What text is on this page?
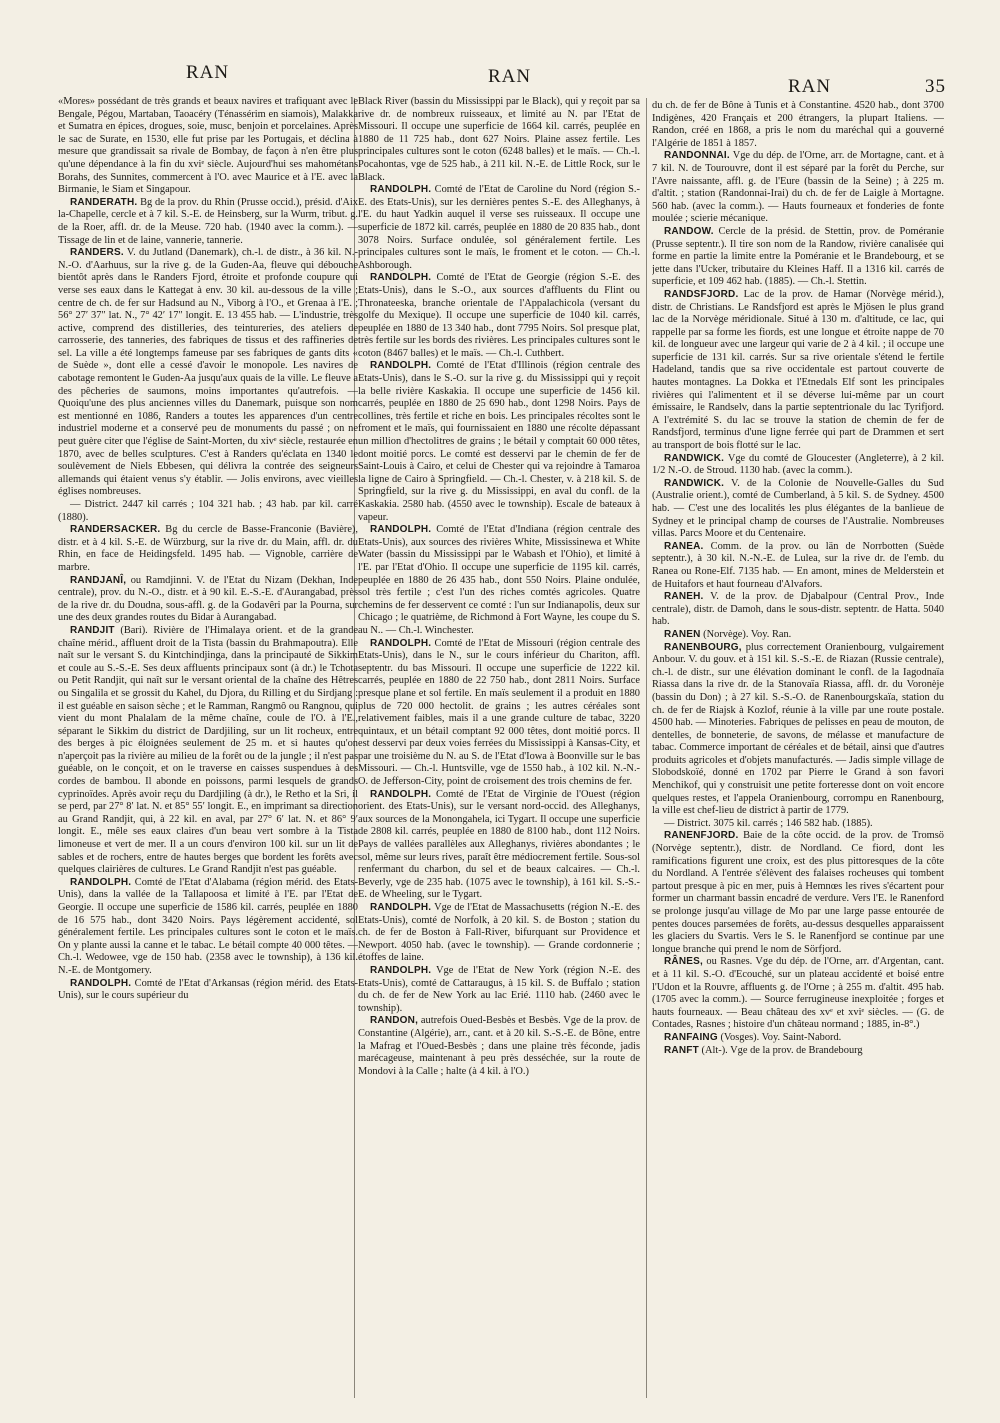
RAN	RAN	RAN	35

«Mores» possédant de très grands et beaux navires et trafiquant avec le Bengale, Pégou, Martaban, Taoacéry (Ténassérim en siamois), Malakka et Sumatra en épices, drogues, soie, musc, benjoin et porcelaines. Après le sac de Surate, en 1530, elle fut prise par les Portugais, et déclina à mesure que grandissait sa rivale de Bombay, de façon à n'en être plus qu'une dépendance à la fin du xviᵉ siècle. Aujourd'hui ses mahométans Borahs, des Sunnites, commercent à l'O. avec Maurice et à l'E. avec la Birmanie, le Siam et Singapour.

RANDERATH. Bg de la prov. du Rhin (Prusse occid.), présid. d'Aix la-Chapelle, cercle et à 7 kil. S.-E. de Heinsberg, sur la Wurm, tribut. g. de la Roer, affl. dr. de la Meuse. 720 hab. (1940 avec la comm.). — Tissage de lin et de laine, vannerie, tannerie.

RANDERS. V. du Jutland (Danemark), ch.-l. de distr., à 36 kil. N.-N.-O. d'Aarhuus, sur la rive g. de la Guden-Aa, fleuve qui débouche bientôt après dans le Randers Fjord, étroite et profonde coupure qui verse ses eaux dans le Kattegat à env. 30 kil. au-dessous de la ville ; centre de ch. de fer sur Hadsund au N., Viborg à l'O., et Grenaa à l'E. ; 56° 27′ 37″ lat. N., 7° 42′ 17″ longit. E. 13 455 hab. — L'industrie, très active, comprend des distilleries, des teintureries, des ateliers de carrosserie, des tanneries, des fabriques de tissus et des raffineries de sel. La ville a été longtemps fameuse par ses fabriques de gants dits « de Suède », dont elle a cessé d'avoir le monopole. Les navires de cabotage remontent le Guden-Aa jusqu'aux quais de la ville. Le fleuve a des pêcheries de saumons, moins importantes qu'autrefois. — Quoiqu'une des plus anciennes villes du Danemark, puisque son nom est mentionné en 1086, Randers a toutes les apparences d'un centre industriel moderne et a conservé peu de monuments du passé ; on ne peut guère citer que l'église de Saint-Morten, du xivᵉ siècle, restaurée en 1870, avec de belles sculptures. C'est à Randers qu'éclata en 1340 le soulèvement de Niels Ebbesen, qui délivra la contrée des seigneurs allemands qui étaient venus s'y établir. — Jolis environs, avec vieilles églises nombreuses.

— District. 2447 kil carrés ; 104 321 hab. ; 43 hab. par kil. carré (1880).

RANDERSACKER. Bg du cercle de Basse-Franconie (Bavière), distr. et à 4 kil. S.-E. de Würzburg, sur la rive dr. du Main, affl. dr. du Rhin, en face de Heidingsfeld. 1495 hab. — Vignoble, carrière de marbre.

RANDJANÎ, ou Ramdjinni. V. de l'Etat du Nizam (Dekhan, Inde centrale), prov. du N.-O., distr. et à 90 kil. E.-S.-E. d'Aurangabad, près de la rive dr. du Doudna, sous-affl. g. de la Godavêri par la Pourna, sur une des deux grandes routes du Bidar à Aurangabad.

RANDJIT (Bari). Rivière de l'Himalaya orient. et de la grande chaîne mérid., affluent droit de la Tista (bassin du Brahmapoutra). Elle naît sur le versant S. du Kintchindjinga, dans la principauté de Sikkim et coule au S.-S.-E. Ses deux affluents principaux sont (à dr.) le Tchota ou Petit Randjit, qui naît sur le versant oriental de la chaîne des Hêtres ou Singalila et se grossit du Kahel, du Djora, du Rilling et du Sirdjang : il est guéable en saison sèche ; et le Ramman, Rangmô ou Rangnou, qui vient du mont Phalalam de la même chaîne, coule de l'O. à l'E., séparant le Sikkim du district de Dardjiling, sur un lit rocheux, entre des berges à pic éloignées seulement de 25 m. et si hautes qu'on n'aperçoit pas la rivière au milieu de la forêt ou de la jungle ; il n'est pas guéable, on le conçoit, et on le traverse en caisses suspendues à des cordes de bambou. Il abonde en poissons, parmi lesquels de grands cyprinoïdes. Après avoir reçu du Dardjiling (à dr.), le Retho et la Sri, il se perd, par 27° 8′ lat. N. et 85° 55′ longit. E., en imprimant sa direction au Grand Randjit, qui, à 22 kil. en aval, par 27° 6′ lat. N. et 86° 9′ longit. E., mêle ses eaux claires d'un beau vert sombre à la Tista limoneuse et vert de mer. Il a un cours d'environ 100 kil. sur un lit de sables et de rochers, entre de hautes berges que bordent les forêts avec quelques clairières de cultures. Le Grand Randjit n'est pas guéable.

RANDOLPH. Comté de l'Etat d'Alabama (région mérid. des Etats-Unis), dans la vallée de la Tallapoosa et limité à l'E. par l'Etat de Georgie. Il occupe une superficie de 1586 kil. carrés, peuplée en 1880 de 16 575 hab., dont 3420 Noirs. Pays légèrement accidenté, sol généralement fertile. Les principales cultures sont le coton et le maïs. On y plante aussi la canne et le tabac. Le bétail compte 40 000 têtes. — Ch.-l. Wedowee, vge de 150 hab. (2358 avec le township), à 136 kil. N.-E. de Montgomery.

RANDOLPH. Comté de l'Etat d'Arkansas (région mérid. des Etats-Unis), sur le cours supérieur du

Black River (bassin du Mississippi par le Black), qui y reçoit par sa rive dr. de nombreux ruisseaux, et limité au N. par l'Etat de Missouri. Il occupe une superficie de 1664 kil. carrés, peuplée en 1880 de 11 725 hab., dont 627 Noirs. Plaine assez fertile. Les principales cultures sont le coton (6248 balles) et le maïs. — Ch.-l. Pocahontas, vge de 525 hab., à 211 kil. N.-E. de Little Rock, sur le Black.

RANDOLPH. Comté de l'Etat de Caroline du Nord (région S.-E. des Etats-Unis), sur les dernières pentes S.-E. des Alleghanys, à l'E. du haut Yadkin auquel il verse ses ruisseaux. Il occupe une superficie de 1872 kil. carrés, peuplée en 1880 de 20 835 hab., dont 3078 Noirs. Surface ondulée, sol généralement fertile. Les principales cultures sont le maïs, le froment et le coton. — Ch.-l. Ashborough.

RANDOLPH. Comté de l'Etat de Georgie (région S.-E. des Etats-Unis), dans le S.-O., aux sources d'affluents du Flint ou Thronateeska, branche orientale de l'Appalachicola (versant du golfe du Mexique). Il occupe une superficie de 1040 kil. carrés, peuplée en 1880 de 13 340 hab., dont 7795 Noirs. Sol presque plat, très fertile sur les bords des rivières. Les principales cultures sont le coton (8467 balles) et le maïs. — Ch.-l. Cuthbert.

RANDOLPH. Comté de l'Etat d'Illinois (région centrale des Etats-Unis), dans le S.-O. sur la rive g. du Mississippi qui y reçoit la belle rivière Kaskakia. Il occupe une superficie de 1456 kil. carrés, peuplée en 1880 de 25 690 hab., dont 1298 Noirs. Pays de collines, très fertile et riche en bois. Les principales récoltes sont le froment et le maïs, qui fournissaient en 1880 une récolte dépassant un million d'hectolitres de grains ; le bétail y comptait 60 000 têtes, dont moitié porcs. Le comté est desservi par le chemin de fer de Saint-Louis à Cairo, et celui de Chester qui va rejoindre à Tamaroa la ligne de Cairo à Springfield. — Ch.-l. Chester, v. à 218 kil. S. de Springfield, sur la rive g. du Mississippi, en aval du confl. de la Kaskakia. 2580 hab. (4550 avec le township). Escale de bateaux à vapeur.

RANDOLPH. Comté de l'Etat d'Indiana (région centrale des Etats-Unis), aux sources des rivières White, Mississinewa et White Water (bassin du Mississippi par le Wabash et l'Ohio), et limité à l'E. par l'Etat d'Ohio. Il occupe une superficie de 1195 kil. carrés, peuplée en 1880 de 26 435 hab., dont 550 Noirs. Plaine ondulée, sol très fertile ; c'est l'un des riches comtés agricoles. Quatre chemins de fer desservent ce comté : l'un sur Indianapolis, deux sur Chicago ; le quatrième, de Richmond à Fort Wayne, les coupe du S. au N.. — Ch.-l. Winchester.

RANDOLPH. Comté de l'Etat de Missouri (région centrale des Etats-Unis), dans le N., sur le cours inférieur du Chariton, affl. septentr. du bas Missouri. Il occupe une superficie de 1222 kil. carrés, peuplée en 1880 de 22 750 hab., dont 2811 Noirs. Surface presque plane et sol fertile. En maïs seulement il a produit en 1880 plus de 720 000 hectolit. de grains ; les autres céréales sont relativement faibles, mais il a une grande culture de tabac, 3220 quintaux, et un bétail comptant 92 000 têtes, dont moitié porcs. Il est desservi par deux voies ferrées du Mississippi à Kansas-City, et par une troisième du N. au S. de l'Etat d'Iowa à Boonville sur le bas Missouri. — Ch.-l. Huntsville, vge de 1550 hab., à 102 kil. N.-N.-O. de Jefferson-City, point de croisement des trois chemins de fer.

RANDOLPH. Comté de l'Etat de Virginie de l'Ouest (région orient. des Etats-Unis), sur le versant nord-occid. des Alleghanys, aux sources de la Monongahela, ici Tygart. Il occupe une superficie de 2808 kil. carrés, peuplée en 1880 de 8100 hab., dont 112 Noirs. Pays de vallées parallèles aux Alleghanys, rivières abondantes ; le sol, même sur leurs rives, paraît être médiocrement fertile. Sous-sol renfermant du charbon, du sel et de beaux calcaires. — Ch.-l. Beverly, vge de 235 hab. (1075 avec le township), à 161 kil. S.-S.-E. de Wheeling, sur le Tygart.

RANDOLPH. Vge de l'Etat de Massachusetts (région N.-E. des Etats-Unis), comté de Norfolk, à 20 kil. S. de Boston ; station du ch. de fer de Boston à Fall-River, bifurquant sur Providence et Newport. 4050 hab. (avec le township). — Grande cordonnerie ; étoffes de laine.

RANDOLPH. Vge de l'Etat de New York (région N.-E. des Etats-Unis), comté de Cattaraugus, à 15 kil. S. de Buffalo ; station du ch. de fer de New York au lac Erié. 1110 hab. (2460 avec le township).

RANDON, autrefois Oued-Besbès et Besbès. Vge de la prov. de Constantine (Algérie), arr., cant. et à 20 kil. S.-S.-E. de Bône, entre la Mafrag et l'Oued-Besbès ; dans une plaine très féconde, jadis marécageuse, maintenant à peu près desséchée, sur la route de Mondovi à la Calle ; halte (à 4 kil. à l'O.)

du ch. de fer de Bône à Tunis et à Constantine. 4520 hab., dont 3700 Indigènes, 420 Français et 200 étrangers, la plupart Italiens. — Randon, créé en 1868, a pris le nom du maréchal qui a gouverné l'Algérie de 1851 à 1857.

RANDONNAI. Vge du dép. de l'Orne, arr. de Mortagne, cant. et à 7 kil. N. de Tourouvre, dont il est séparé par la forêt du Perche, sur l'Avre naissante, affl. g. de l'Eure (bassin de la Seine) ; à 225 m. d'altit. ; station (Randonnai-Irai) du ch. de fer de Laigle à Mortagne. 560 hab. (avec la comm.). — Hauts fourneaux et fonderies de fonte moulée ; scierie mécanique.

RANDOW. Cercle de la présid. de Stettin, prov. de Poméranie (Prusse septentr.). Il tire son nom de la Randow, rivière canalisée qui forme en partie la limite entre la Poméranie et le Brandebourg, et se jette dans l'Ucker, tributaire du Kleines Haff. Il a 1316 kil. carrés de superficie, et 109 462 hab. (1885). — Ch.-l. Stettin.

RANDSFJORD. Lac de la prov. de Hamar (Norvège mérid.), distr. de Christians. Le Randsfjord est après le Mjösen le plus grand lac de la Norvège méridionale. Situé à 130 m. d'altitude, ce lac, qui rappelle par sa forme les fiords, est une longue et étroite nappe de 70 kil. de longueur avec une largeur qui varie de 2 à 4 kil. ; il occupe une superficie de 131 kil. carrés. Sur sa rive orientale s'étend le fertile Hadeland, tandis que sa rive occidentale est partout couverte de hautes montagnes. La Dokka et l'Etnedals Elf sont les principales rivières qui l'alimentent et il se déverse lui-même par un court émissaire, le Randselv, dans la partie septentrionale du lac Tyrifjord. A l'extrémité S. du lac se trouve la station de chemin de fer de Randsfjord, terminus d'une ligne ferrée qui part de Drammen et sert au transport de bois flotté sur le lac.

RANDWICK. Vge du comté de Gloucester (Angleterre), à 2 kil. 1/2 N.-O. de Stroud. 1130 hab. (avec la comm.).

RANDWICK. V. de la Colonie de Nouvelle-Galles du Sud (Australie orient.), comté de Cumberland, à 5 kil. S. de Sydney. 4500 hab. — C'est une des localités les plus élégantes de la banlieue de Sydney et le principal champ de courses de l'Australie. Nombreuses villas. Parcs Moore et du Centenaire.

RANEA. Comm. de la prov. ou län de Norrbotten (Suède septentr.), à 30 kil. N.-N.-E. de Lulea, sur la rive dr. de l'emb. du Ranea ou Rone-Elf. 7135 hab. — En amont, mines de Melderstein et de Huitafors et haut fourneau d'Alvafors.

RANEH. V. de la prov. de Djabalpour (Central Prov., Inde centrale), distr. de Damoh, dans le sous-distr. septentr. de Hatta. 5040 hab.

RANEN (Norvège). Voy. Ran.

RANENBOURG, plus correctement Oranienbourg, vulgairement Anbour. V. du gouv. et à 151 kil. S.-S.-E. de Riazan (Russie centrale), ch.-l. de distr., sur une élévation dominant le confl. de la Iagodnaïa Riassa dans la rive dr. de la Stanovaïa Riassa, affl. dr. du Voronèje (bassin du Don) ; à 27 kil. S.-S.-O. de Ranenbourgskaïa, station du ch. de fer de Riajsk à Kozlof, réunie à la ville par une route postale. 4500 hab. — Minoteries. Fabriques de pelisses en peau de mouton, de dentelles, de bonneterie, de savons, de mélasse et manufacture de tabac. Commerce important de céréales et de bétail, ainsi que d'autres produits agricoles et d'objets manufacturés. — Jadis simple village de Slobodskoïé, donné en 1702 par Pierre le Grand à son favori Menchikof, qui y construisit une petite forteresse dont on voit encore quelques restes, et l'appela Oranienbourg, corrompu en Ranenbourg, la ville est chef-lieu de district à partir de 1779.

— District. 3075 kil. carrés ; 146 582 hab. (1885).

RANENFJORD. Baie de la côte occid. de la prov. de Tromsö (Norvège septentr.), distr. de Nordland. Ce fiord, dont les ramifications figurent une croix, est des plus pittoresques de la côte du Nordland. A l'entrée s'élèvent des falaises rocheuses qui tombent partout presque à pic en mer, puis à Hemnœs les rives s'écartent pour former un charmant bassin encadré de verdure. Vers l'E. le Ranenford se prolonge jusqu'au village de Mo par une large passe entourée de pentes douces parsemées de forêts, au-dessus desquelles apparaissent les glaciers du Svartis. Vers le S. le Ranenfjord se continue par une longue branche qui prend le nom de Sörfjord.

RÂNES, ou Rasnes. Vge du dép. de l'Orne, arr. d'Argentan, cant. et à 11 kil. S.-O. d'Ecouché, sur un plateau accidenté et boisé entre l'Udon et la Rouvre, affluents g. de l'Orne ; à 255 m. d'altit. 495 hab. (1705 avec la comm.). — Source ferrugineuse inexploitée ; forges et hauts fourneaux. — Beau château des xvᵉ et xviᵉ siècles. — (G. de Contades, Rasnes ; histoire d'un château normand ; 1885, in-8°.)

RANFAING (Vosges). Voy. Saint-Nabord.

RANFT (Alt-). Vge de la prov. de Brandebourg
